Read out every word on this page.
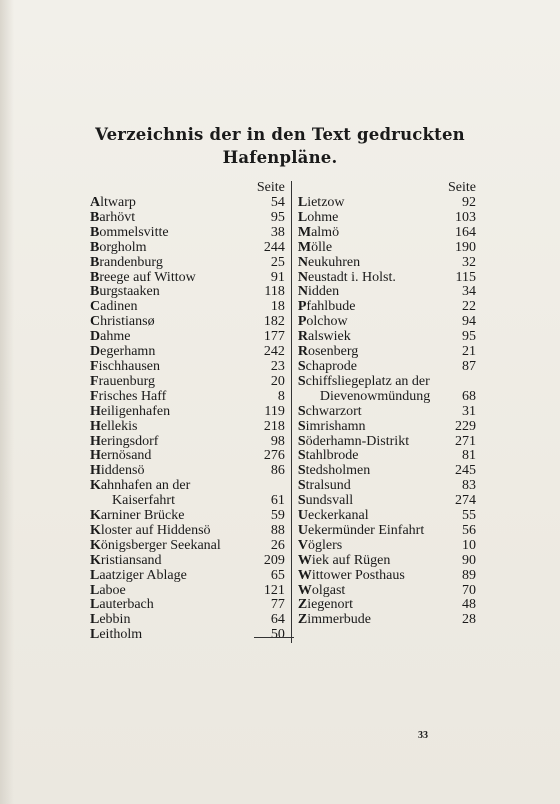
Verzeichnis der in den Text gedruckten
Hafenpläne.
Seite
Altwarp	54
Barhövt	95
Bommelsvitte	38
Borgholm	244
Brandenburg	25
Breege auf Wittow	91
Burgstaaken	118
Cadinen	18
Christiansø	182
Dahme	177
Degerhamn	242
Fischhausen	23
Frauenburg	20
Frisches Haff	8
Heiligenhafen	119
Hellekis	218
Heringsdorf	98
Hernösand	276
Hiddensö	86
Kahnhafen an der
Kaiserfahrt	61
Karniner Brücke	59
Kloster auf Hiddensö	88
Königsberger Seekanal	26
Kristiansand	209
Laatziger Ablage	65
Laboe	121
Lauterbach	77
Lebbin	64
Leitholm	50
Seite
Lietzow	92
Lohme	103
Malmö	164
Mölle	190
Neukuhren	32
Neustadt i. Holst.	115
Nidden	34
Pfahlbude	22
Polchow	94
Ralswiek	95
Rosenberg	21
Schaprode	87
Schiffsliegeplatz an der
Dievenowmündung 68
Schwarzort	31
Simrishamn	229
Söderhamn-Distrikt	271
Stahlbrode	81
Stedsholmen	245
Stralsund	83
Sundsvall	274
Ueckerkanal	55
Uekermünder Einfahrt	56
Vöglers	10
Wiek auf Rügen	90
Wittower Posthaus	89
Wolgast	70
Ziegenort	48
Zimmerbude	28
33
